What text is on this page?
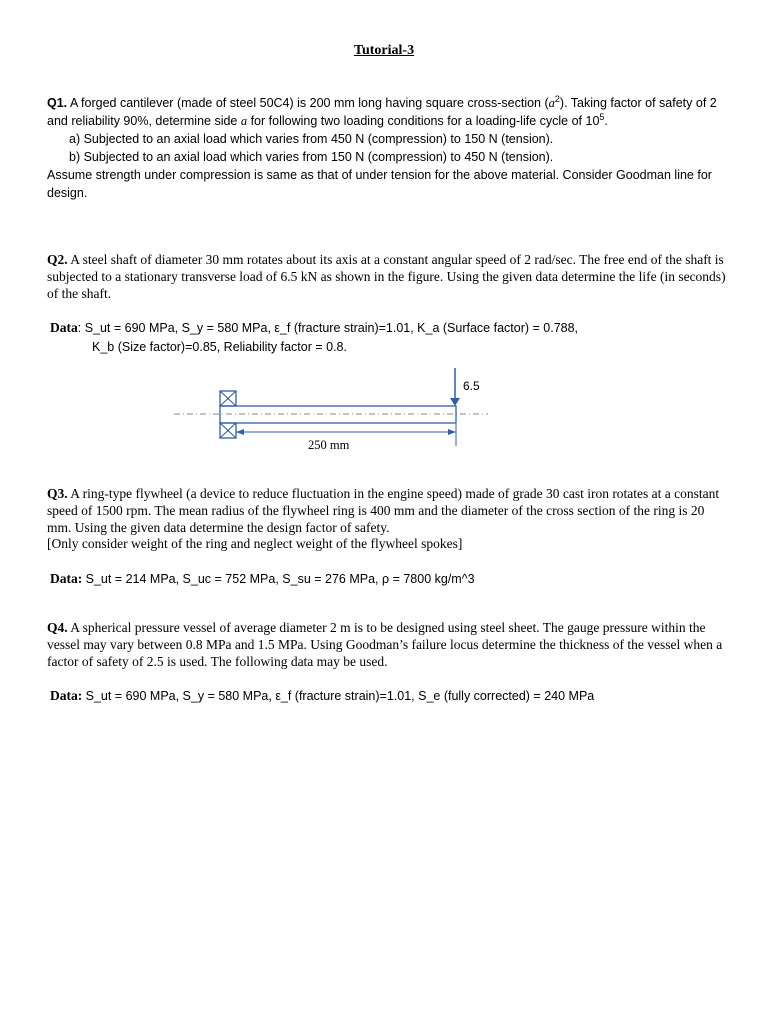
Tutorial-3

Q1. A forged cantilever (made of steel 50C4) is 200 mm long having square cross-section $(a^2)$. Taking factor of safety of 2 and reliability 90%, determine side a for following two loading conditions for a loading-life cycle of $10^5$.

a) Subjected to an axial load which varies from 450 N (compression) to 150 N (tension).

b) Subjected to an axial load which varies from 150 N (compression) to 450 N (tension).

Assume strength under compression is same as that of under tension for the above material. Consider Goodman line for design.

Q2. A steel shaft of diameter 30 mm rotates about its axis at a constant angular speed of 2 rad/sec. The free end of the shaft is subjected to a stationary transverse load of 6.5 kN as shown in the figure. Using the given data determine the life (in seconds) of the shaft.

Data: S_ut = 690 MPa, S_y = 580 MPa, ε_f (fracture strain)=1.01, K_a (Surface factor) = 0.788,
K_b (Size factor)=0.85, Reliability factor = 0.8.
6.5
250 mm

Q3. A ring-type flywheel (a device to reduce fluctuation in the engine speed) made of grade 30 cast iron rotates at a constant speed of 1500 rpm. The mean radius of the flywheel ring is 400 mm and the diameter of the cross section of the ring is 20 mm. Using the given data determine the design factor of safety.

[Only consider weight of the ring and neglect weight of the flywheel spokes]

Data: S_ut = 214 MPa, S_uc = 752 MPa, S_su = 276 MPa, ρ = 7800 kg/m^3

Q4. A spherical pressure vessel of average diameter 2 m is to be designed using steel sheet. The gauge pressure within the vessel may vary between 0.8 MPa and 1.5 MPa. Using Goodman’s failure locus determine the thickness of the vessel when a factor of safety of 2.5 is used. The following data may be used.

Data: S_ut = 690 MPa, S_y = 580 MPa, ε_f (fracture strain)=1.01, S_e (fully corrected) = 240 MPa
